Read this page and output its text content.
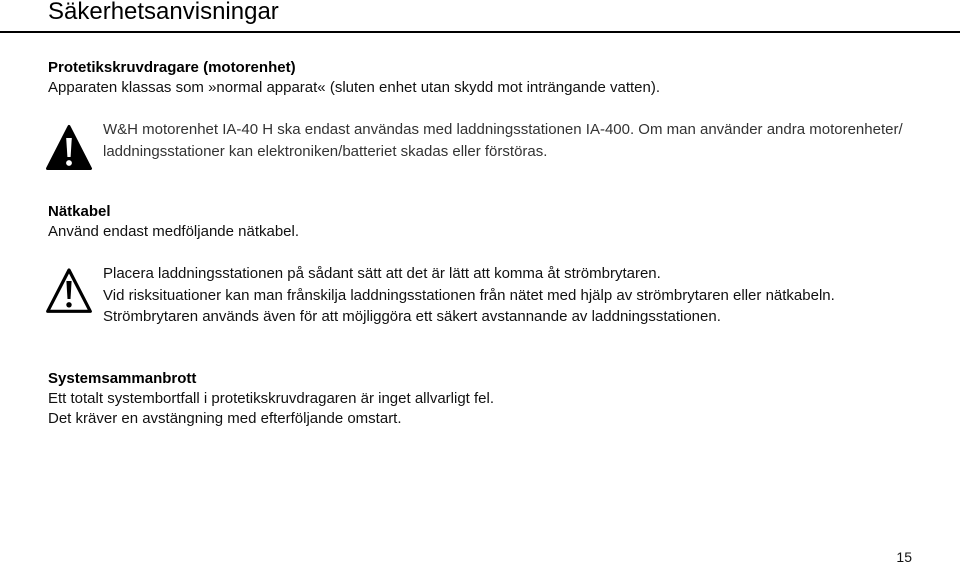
Säkerhetsanvisningar
Protetikskruvdragare (motorenhet)
Apparaten klassas som »normal apparat« (sluten enhet utan skydd mot inträngande vatten).
W&H motorenhet IA-40 H ska endast användas med laddningsstationen IA-400. Om man använder andra motorenheter/
laddningsstationer kan elektroniken/batteriet skadas eller förstöras.
Nätkabel
Använd endast medföljande nätkabel.
Placera laddningsstationen på sådant sätt att det är lätt att komma åt strömbrytaren.
Vid risksituationer kan man frånskilja laddningsstationen från nätet med hjälp av strömbrytaren eller nätkabeln.
Strömbrytaren används även för att möjliggöra ett säkert avstannande av laddningsstationen.
Systemsammanbrott
Ett totalt systembortfall i protetikskruvdragaren är inget allvarligt fel.
Det kräver en avstängning med efterföljande omstart.
15
